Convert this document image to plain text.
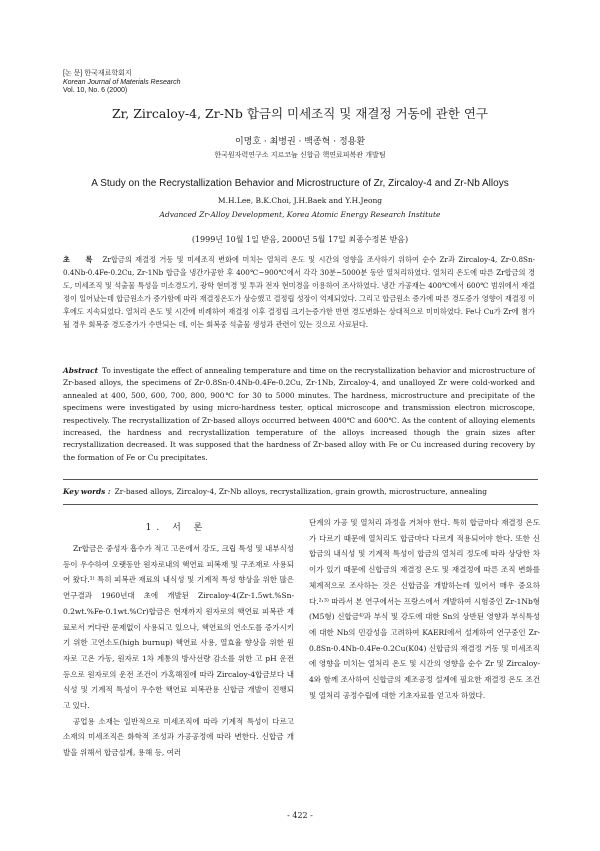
[논 문] 한국재료학회지
Korean Journal of Materials Research
Vol. 10, No. 6 (2000)
Zr, Zircaloy-4, Zr-Nb 합금의 미세조직 및 재결정 거동에 관한 연구
이명호 · 최병권 · 백종혁 · 정용환
한국원자력연구소 지르코늄 신합금 핵연료피복관 개발팀
A Study on the Recrystallization Behavior and Microstructure of Zr, Zircaloy-4 and Zr-Nb Alloys
M.H.Lee, B.K.Choi, J.H.Baek and Y.H.Jeong
Advanced Zr-Alloy Development, Korea Atomic Energy Research Institute
(1999년 10월 1일 받음, 2000년 5월 17일 최종수정본 받음)
초 록 Zr합금의 재결정 거동 및 미세조직 변화에 미치는 열처리 온도 및 시간의 영향을 조사하기 위하여 순수 Zr과 Zircaloy-4, Zr-0.8Sn-0.4Nb-0.4Fe-0.2Cu, Zr-1Nb 합금을 냉간가공한 후 400℃~900℃에서 각각 30분~5000분 동안 열처리하였다. 열처리 온도에 따른 Zr합금의 경도, 미세조직 및 석출물 특성을 미소경도기, 광학 현미경 및 투과 전자 현미경을 이용하여 조사하였다. 냉간 가공재는 400℃에서 600℃ 범위에서 재결정이 일어났는데 합금원소가 증가함에 따라 재결정온도가 상승했고 결정립 성장이 억제되었다. 그리고 합금원소 증가에 따른 경도증가 영향이 재결정 이후에도 지속되었다. 열처리 온도 및 시간에 비례하여 재결정 이후 결정립 크기는증가한 반면 경도변화는 상대적으로 미미하였다. Fe나 Cu가 Zr에 첨가될 경우 회복중 경도증가가 수반되는 데, 이는 회복중 석출물 생성과 관련이 있는 것으로 사료된다.
Abstract To investigate the effect of annealing temperature and time on the recrystallization behavior and microstructure of Zr-based alloys, the specimens of Zr-0.8Sn-0.4Nb-0.4Fe-0.2Cu, Zr-1Nb, Zircaloy-4, and unalloyed Zr were cold-worked and annealed at 400, 500, 600, 700, 800, 900℃ for 30 to 5000 minutes. The hardness, microstructure and precipitate of the specimens were investigated by using micro-hardness tester, optical microscope and transmission electron microscope, respectively. The recrystallization of Zr-based alloys occurred between 400℃ and 600℃. As the content of alloying elements increased, the hardness and recrystallization temperature of the alloys increased though the grain sizes after recrystallization decreased. It was supposed that the hardness of Zr-based alloy with Fe or Cu increased during recovery by the formation of Fe or Cu precipitates.
Key words : Zr-based alloys, Zircaloy-4, Zr-Nb alloys, recrystallization, grain growth, microstructure, annealing
1. 서 론

Zr합금은 중성자 흡수가 적고 고온에서 강도, 크립 특성 및 내부식성 등이 우수하여 오랫동안 원자로내의 핵연료 피복재 및 구조재로 사용되어 왔다.¹⁾ 특히 피복관 재료의 내식성 및 기계적 특성 향상을 위한 많은 연구결과 1960년대 초에 개발된 Zircaloy-4(Zr-1.5wt.%Sn-0.2wt.%Fe-0.1wt.%Cr)합금은 현재까지 원자로의 핵연료 피복관 재료로서 커다란 문제없이 사용되고 있으나, 핵연료의 연소도를 증가시키기 위한 고연소도(high burnup) 핵연료 사용, 열효율 향상을 위한 원자로 고온 가동, 원자로 1차 계통의 방사선량 감소를 위한 고 pH 운전 등으로 원자로의 운전 조건이 가혹해짐에 따라 Zircaloy-4합금보다 내식성 및 기계적 특성이 우수한 핵연료 피복관용 신합금 개발이 진행되고 있다.

공업용 소재는 일반적으로 미세조직에 따라 기계적 특성이 다르고 소재의 미세조직은 화학적 조성과 가공공정에 따라 변한다. 신합금 개발을 위해서 합금설계, 용해 등, 여러

단계의 가공 및 열처리 과정을 거쳐야 한다. 특히 합금마다 재결정 온도가 다르기 때문에 열처리도 합금마다 다르게 적용되어야 한다. 또한 신합금의 내식성 및 기계적 특성이 합금의 열처리 정도에 따라 상당한 차이가 있기 때문에 신합금의 재결정 온도 및 재결정에 따른 조직 변화를 체계적으로 조사하는 것은 신합금을 개발하는데 있어서 매우 중요하다.²˒³⁾ 따라서 본 연구에서는 프랑스에서 개발하여 시험중인 Zr-1Nb형 (M5형) 신합금⁴⁾과 부식 및 강도에 대한 Sn의 상반된 영향과 부식특성에 대한 Nb의 민감성을 고려하여 KAERI에서 설계하여 연구중인 Zr-0.8Sn-0.4Nb-0.4Fe-0.2Cu(K04) 신합금의 재결정 거동 및 미세조직에 영향을 미치는 열처리 온도 및 시간의 영향을 순수 Zr 및 Zircaloy-4와 함께 조사하여 신합금의 제조공정 설계에 필요한 재결정 온도 조건 및 열처리 공정수립에 대한 기초자료를 얻고자 하였다.

- 422 -
